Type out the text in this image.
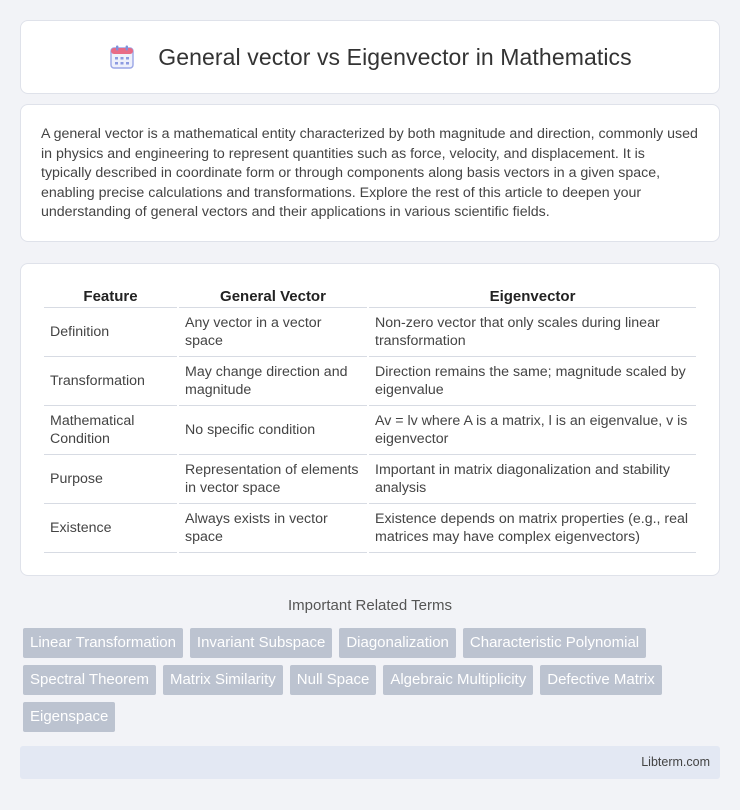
General vector vs Eigenvector in Mathematics

A general vector is a mathematical entity characterized by both magnitude and direction, commonly used in physics and engineering to represent quantities such as force, velocity, and displacement. It is typically described in coordinate form or through components along basis vectors in a given space, enabling precise calculations and transformations. Explore the rest of this article to deepen your understanding of general vectors and their applications in various scientific fields.

Feature	General Vector	Eigenvector
Definition	Any vector in a vector space	Non-zero vector that only scales during linear transformation
Transformation	May change direction and magnitude	Direction remains the same; magnitude scaled by eigenvalue
Mathematical Condition	No specific condition	Av = lv where A is a matrix, l is an eigenvalue, v is eigenvector
Purpose	Representation of elements in vector space	Important in matrix diagonalization and stability analysis
Existence	Always exists in vector space	Existence depends on matrix properties (e.g., real matrices may have complex eigenvectors)
Important Related Terms
Linear Transformation	Invariant Subspace	Diagonalization	Characteristic Polynomial
Spectral Theorem	Matrix Similarity	Null Space	Algebraic Multiplicity	Defective Matrix
Eigenspace
Libterm.com
